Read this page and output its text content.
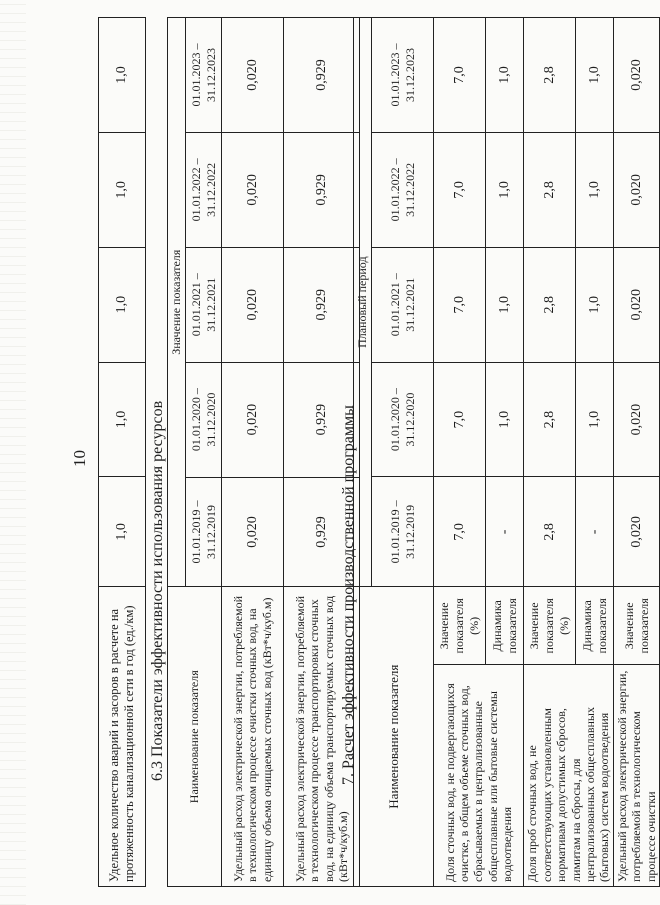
10
Удельное количество аварий и засоров в расчете на протяженность канализационной сети в год (ед./км)	1,0	1,0	1,0	1,0	1,0
6.3 Показатели эффективности использования ресурсов Наименование показателя	Значение показателя				
	01.01.2019 – 31.12.2019	01.01.2020 – 31.12.2020	01.01.2021 – 31.12.2021	01.01.2022 – 31.12.2022	01.01.2023 – 31.12.2023
Удельный расход электрической энергии, потребляемой в технологическом процессе очистки сточных вод, на единицу объема очищаемых сточных вод (кВт*ч/куб.м)	0,020	0,020	0,020	0,020	0,020
Удельный расход электрической энергии, потребляемой в технологическом процессе транспортировки сточных вод, на единицу объема транспортируемых сточных вод (кВт*ч/куб.м)	0,929	0,929	0,929	0,929	0,929
7. Расчет эффективности производственной программы Наименование показателя		Плановый период				
		01.01.2019 – 31.12.2019	01.01.2020 – 31.12.2020	01.01.2021 – 31.12.2021	01.01.2022 – 31.12.2022	01.01.2023 – 31.12.2023
Доля сточных вод, не подвергающихся очистке, в общем объеме сточных вод, сбрасываемых в централизованные общесплавные или бытовые системы водоотведения	Значение показателя (%)	7,0	7,0	7,0	7,0	7,0
	Динамика показателя	-	1,0	1,0	1,0	1,0
Доля проб сточных вод, не соответствующих установленным нормативам допустимых сбросов, лимитам на сбросы, для централизованных общесплавных (бытовых) систем водоотведения	Значение показателя (%)	2,8	2,8	2,8	2,8	2,8
	Динамика показателя	-	1,0	1,0	1,0	1,0
Удельный расход электрической энергии, потребляемой в технологическом процессе очистки	Значение показателя	0,020	0,020	0,020	0,020	0,020
